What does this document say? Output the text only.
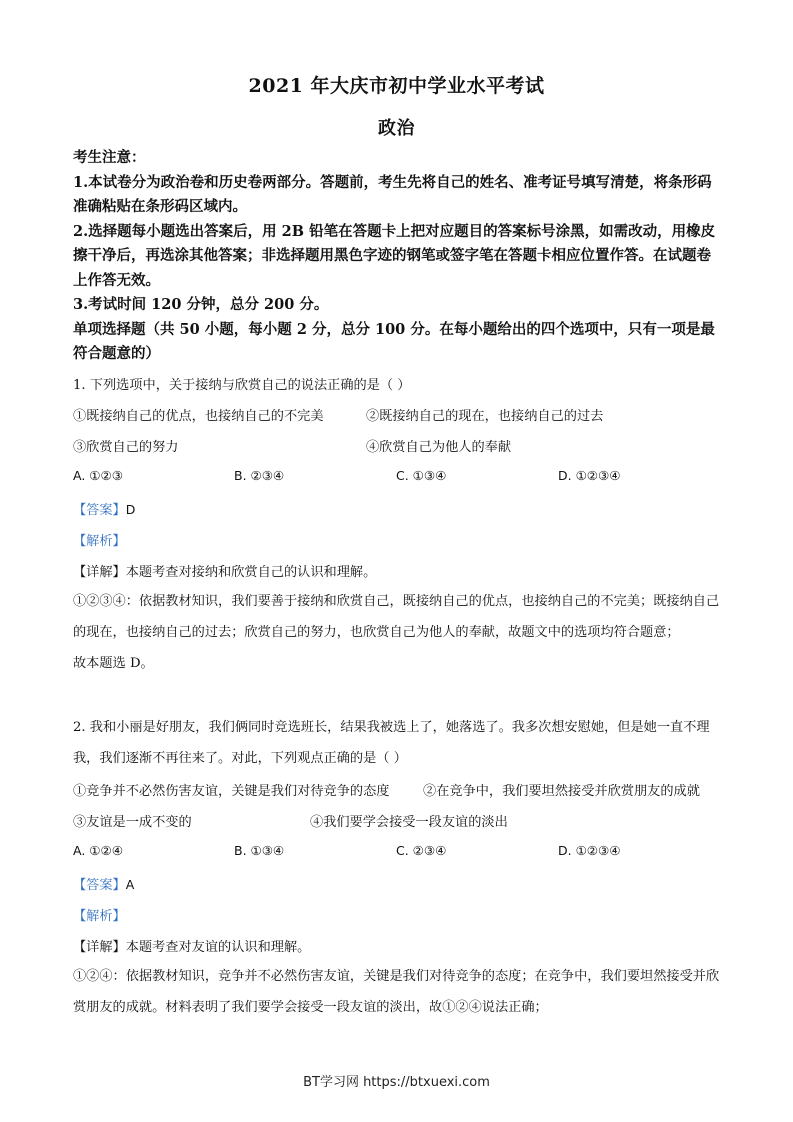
2021 年大庆市初中学业水平考试
政治

考生注意：

1.本试卷分为政治卷和历史卷两部分。答题前，考生先将自己的姓名、准考证号填写清楚，将条形码准确粘贴在条形码区域内。

2.选择题每小题选出答案后，用 2B 铅笔在答题卡上把对应题目的答案标号涂黑，如需改动，用橡皮擦干净后，再选涂其他答案；非选择题用黑色字迹的钢笔或签字笔在答题卡相应位置作答。在试题卷上作答无效。

3.考试时间 120 分钟，总分 200 分。

单项选择题（共 50 小题，每小题 2 分，总分 100 分。在每小题给出的四个选项中，只有一项是最符合题意的）

1. 下列选项中，关于接纳与欣赏自己的说法正确的是（ ）
①既接纳自己的优点，也接纳自己的不完美	②既接纳自己的现在，也接纳自己的过去
③欣赏自己的努力	④欣赏自己为他人的奉献
A. ①②③	B. ②③④	C. ①③④	D. ①②③④
【答案】D
【解析】
【详解】本题考查对接纳和欣赏自己的认识和理解。

①②③④：依据教材知识，我们要善于接纳和欣赏自己，既接纳自己的优点，也接纳自己的不完美；既接纳自己的现在，也接纳自己的过去；欣赏自己的努力，也欣赏自己为他人的奉献，故题文中的选项均符合题意；

故本题选 D。

2. 我和小丽是好朋友，我们俩同时竞选班长，结果我被选上了，她落选了。我多次想安慰她，但是她一直不理我，我们逐渐不再往来了。对此，下列观点正确的是（ ）

①竞争并不必然伤害友谊，关键是我们对待竞争的态度	②在竞争中，我们要坦然接受并欣赏朋友的成就
③友谊是一成不变的	④我们要学会接受一段友谊的淡出
A. ①②④	B. ①③④	C. ②③④	D. ①②③④
【答案】A
【解析】
【详解】本题考查对友谊的认识和理解。

①②④：依据教材知识，竞争并不必然伤害友谊，关键是我们对待竞争的态度；在竞争中，我们要坦然接受并欣赏朋友的成就。材料表明了我们要学会接受一段友谊的淡出，故①②④说法正确；

BT学习网 https://btxuexi.com
